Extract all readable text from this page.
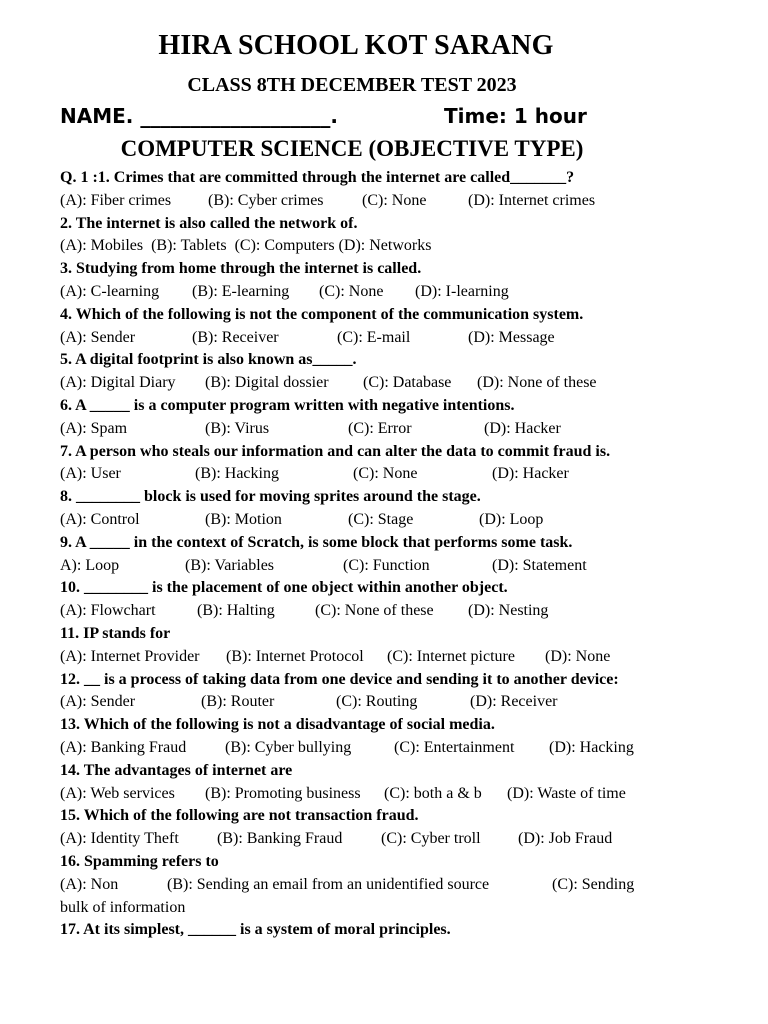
HIRA SCHOOL KOT SARANG
CLASS 8TH DECEMBER TEST 2023
NAME. ___________________.	Time: 1 hour
COMPUTER SCIENCE (OBJECTIVE TYPE)
Q. 1 :1. Crimes that are committed through the internet are called_______?
(A): Fiber crimes (B): Cyber crimes (C): None	(D): Internet crimes
2. The internet is also called the network of.
(A): Mobiles  (B): Tablets  (C): Computers (D): Networks
3. Studying from home through the internet is called.
(A): C-learning (B): E-learning (C): None (D): I-learning
4. Which of the following is not the component of the communication system.
(A): Sender	(B): Receiver	(C): E-mail	(D): Message
5. A digital footprint is also known as_____.
(A): Digital Diary (B): Digital dossier (C): Database (D): None of these
6. A _____ is a computer program written with negative intentions.
(A): Spam	(B): Virus	(C): Error	(D): Hacker
7. A person who steals our information and can alter the data to commit fraud is.
(A): User	(B): Hacking	(C): None	(D): Hacker
8. ________ block is used for moving sprites around the stage.
(A): Control	(B): Motion	(C): Stage	(D): Loop
9. A _____ in the context of Scratch, is some block that performs some task.
A): Loop	(B): Variables	(C): Function	(D): Statement
10. ________ is the placement of one object within another object.
(A): Flowchart	(B): Halting	(C): None of these (D): Nesting
11. IP stands for
(A): Internet Provider (B): Internet Protocol (C): Internet picture (D): None
12. __ is a process of taking data from one device and sending it to another device:
(A): Sender	(B): Router	(C): Routing	(D): Receiver
13. Which of the following is not a disadvantage of social media.
(A): Banking Fraud (B): Cyber bullying	(C): Entertainment (D): Hacking
14. The advantages of internet are
(A): Web services (B): Promoting business (C): both a & b (D): Waste of time
15. Which of the following are not transaction fraud.
(A): Identity Theft (B): Banking Fraud (C): Cyber troll (D): Job Fraud
16. Spamming refers to
(A): Non	(B): Sending an email from an unidentified source	(C): Sending
bulk of information
17. At its simplest, ______ is a system of moral principles.
